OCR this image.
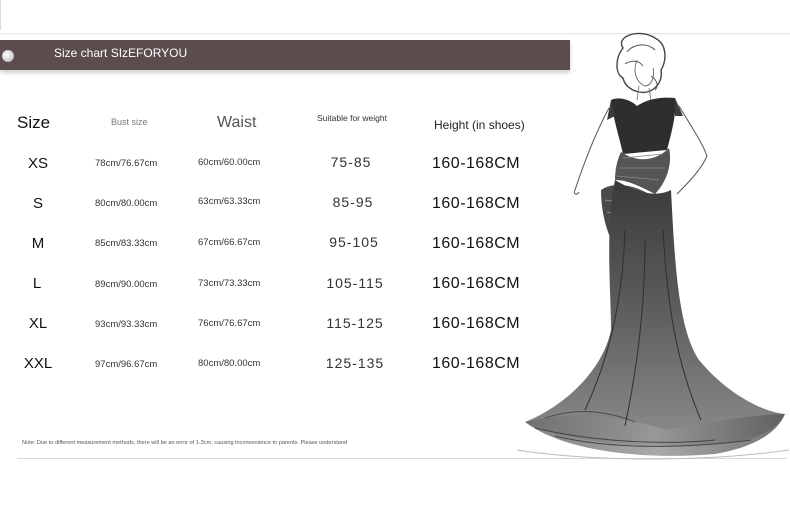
Size chart SIzEFORYOU
Size	Bust size	Waist	Suitable for weight	Height (in shoes)
XS	78cm/76.67cm	60cm/60.00cm	75-85	160-168CM
S	80cm/80.00cm	63cm/63.33cm	85-95	160-168CM
M	85cm/83.33cm	67cm/66.67cm	95-105	160-168CM
L	89cm/90.00cm	73cm/73.33cm	105-115	160-168CM
XL	93cm/93.33cm	76cm/76.67cm	115-125	160-168CM
XXL	97cm/96.67cm	80cm/80.00cm	125-135	160-168CM
Note: Due to different measurement methods, there will be an error of 1-3cm, causing inconvenience to parents. Please understand
